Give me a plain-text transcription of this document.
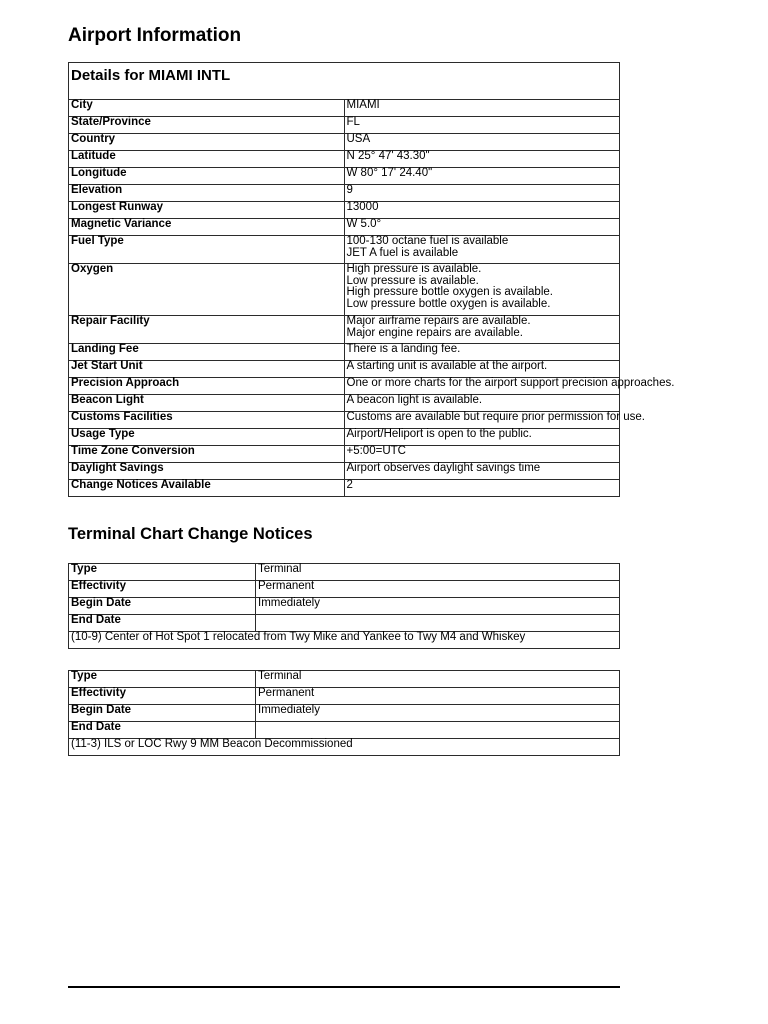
Airport Information
Details for MIAMI INTL	
City	MIAMI
State/Province	FL
Country	USA
Latitude	N 25° 47' 43.30"
Longitude	W 80° 17' 24.40"
Elevation	9
Longest Runway	13000
Magnetic Variance	W 5.0°
Fuel Type	100-130 octane fuel is available
JET A fuel is available

Oxygen	High pressure is available.
Low pressure is available.
High pressure bottle oxygen is available.
Low pressure bottle oxygen is available.

Repair Facility	Major airframe repairs are available.
Major engine repairs are available.

Landing Fee	There is a landing fee.
Jet Start Unit	A starting unit is available at the airport.
Precision Approach	One or more charts for the airport support precision approaches.
Beacon Light	A beacon light is available.
Customs Facilities	Customs are available but require prior permission for use.
Usage Type	Airport/Heliport is open to the public.
Time Zone Conversion	+5:00=UTC
Daylight Savings	Airport observes daylight savings time
Change Notices Available	2
Terminal Chart Change Notices
Type	Terminal
Effectivity	Permanent
Begin Date	Immediately
End Date	
(10-9) Center of Hot Spot 1 relocated from Twy Mike and Yankee to Twy M4 and Whiskey	
Type	Terminal
Effectivity	Permanent
Begin Date	Immediately
End Date	
(11-3) ILS or LOC Rwy 9 MM Beacon Decommissioned	
